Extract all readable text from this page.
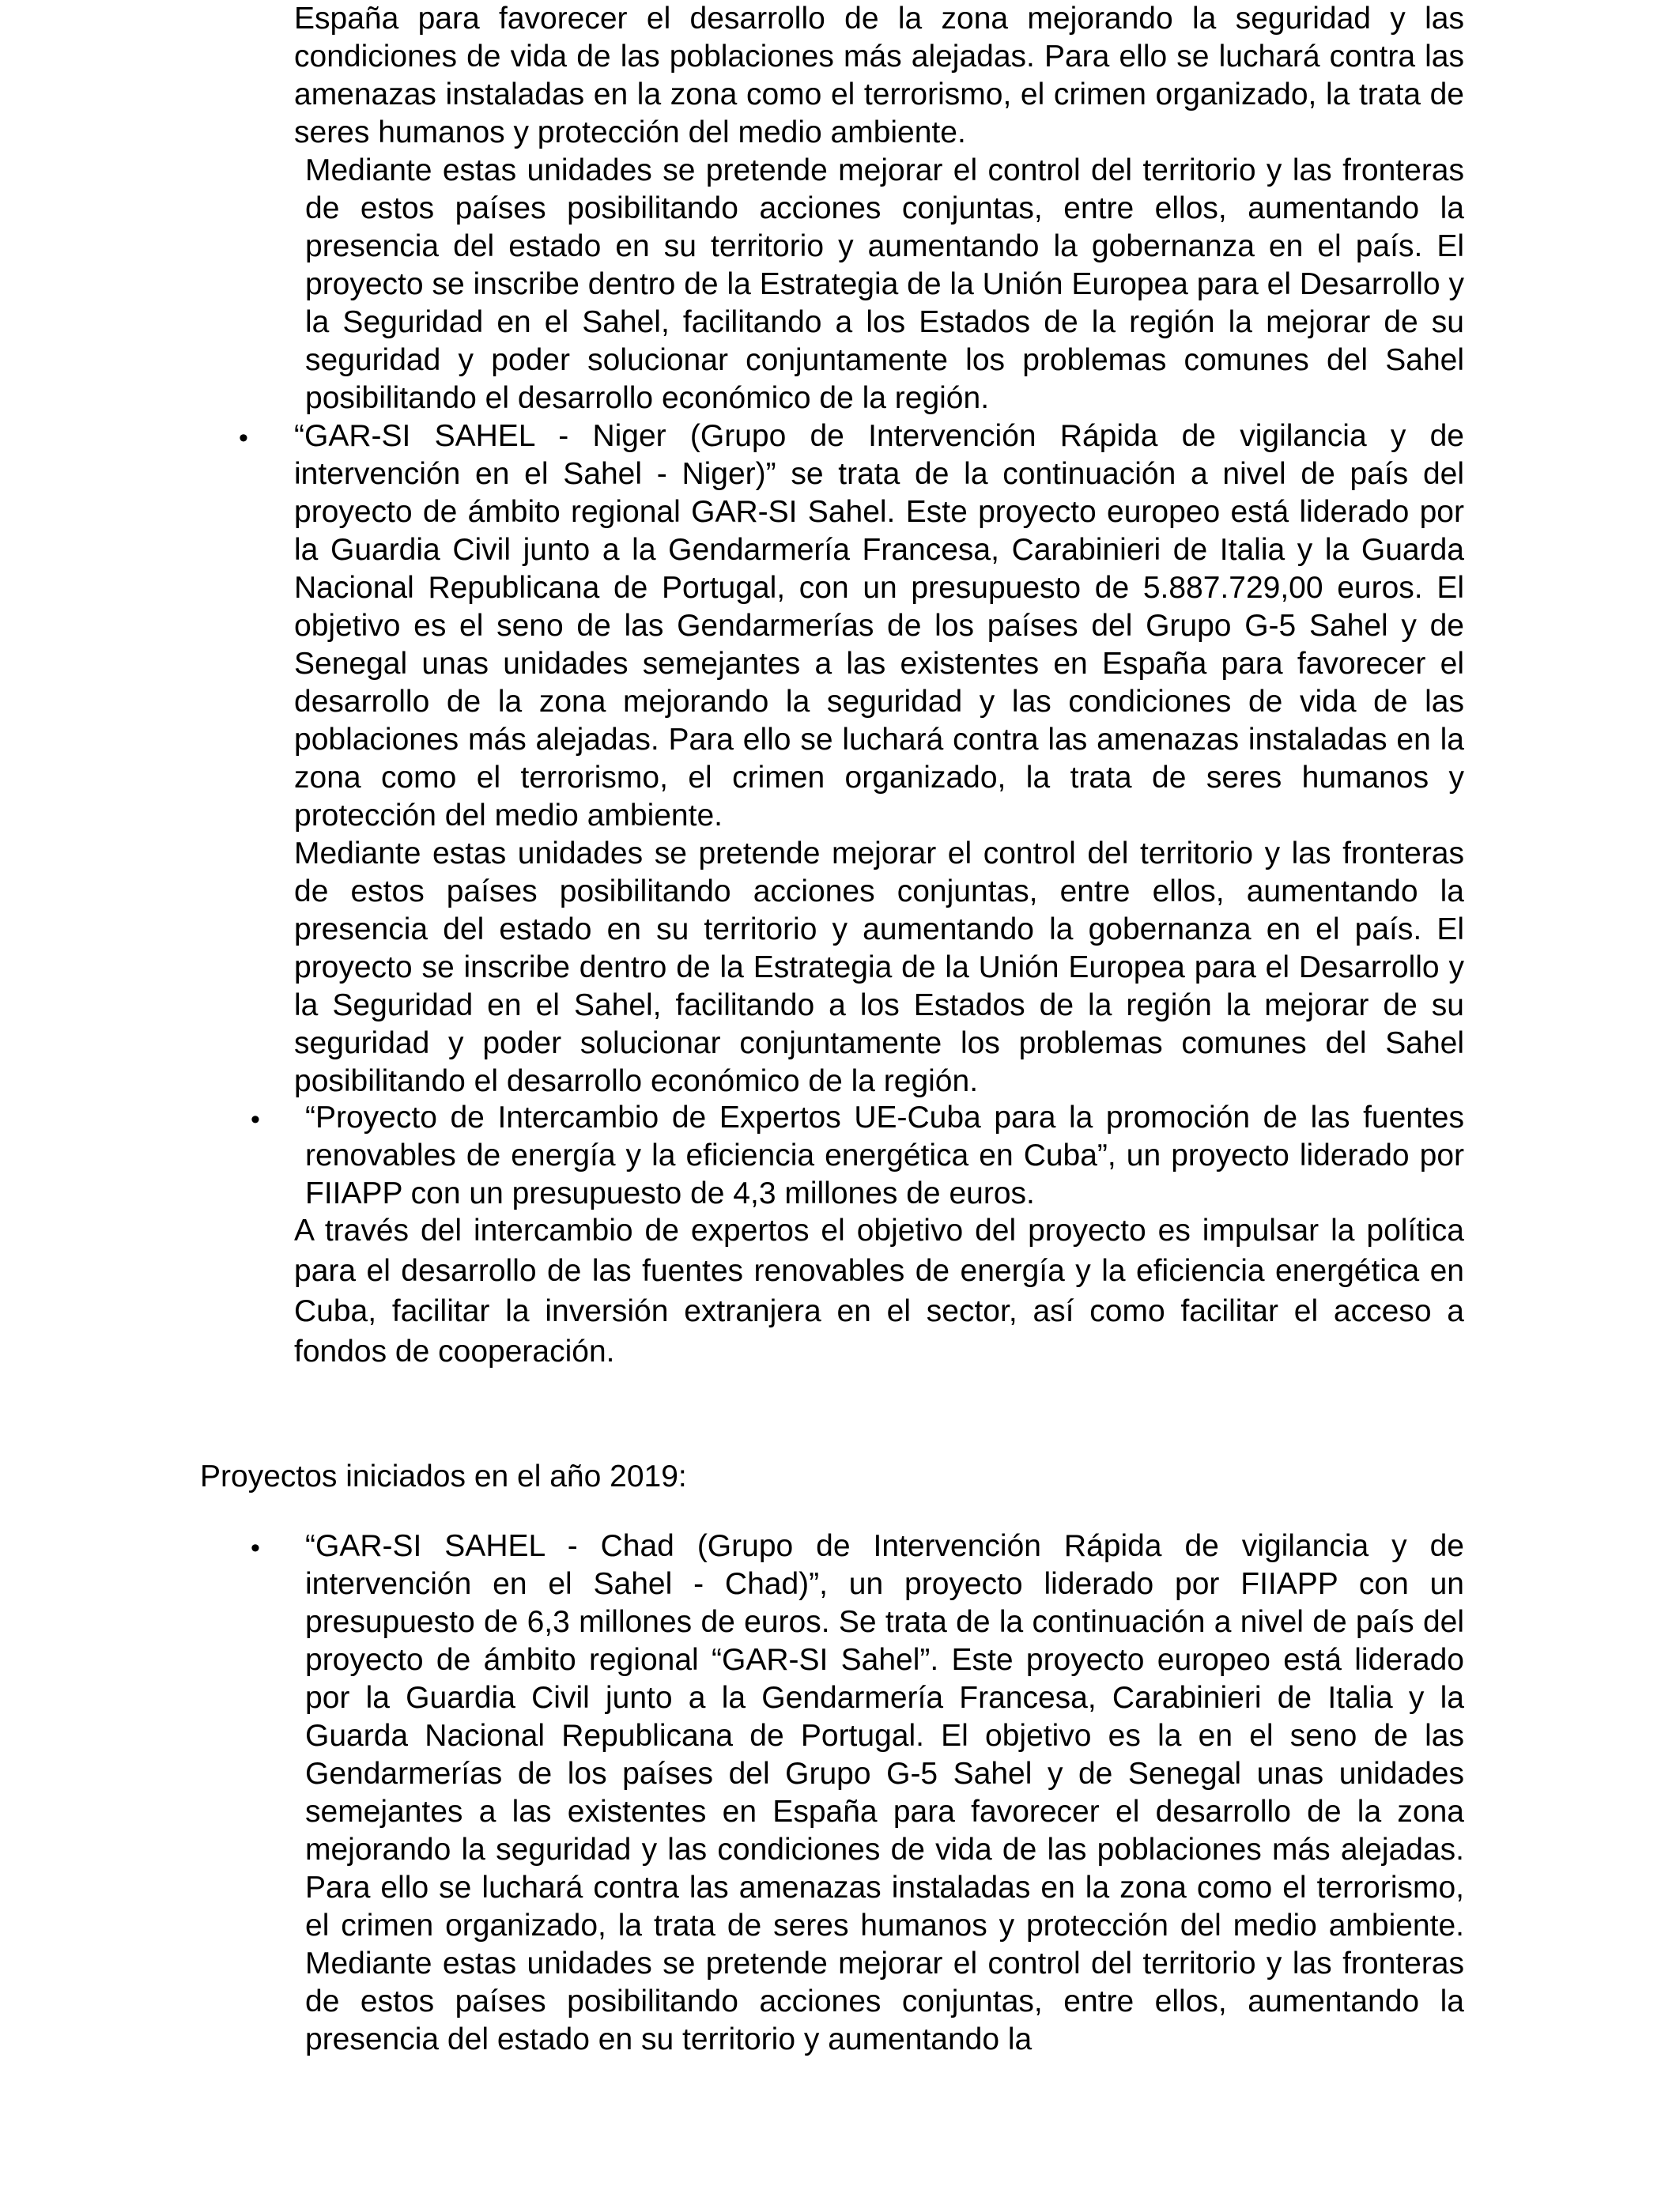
España para favorecer el desarrollo de la zona mejorando la seguridad y las condiciones de vida de las poblaciones más alejadas. Para ello se luchará contra las amenazas instaladas en la zona como el terrorismo, el crimen organizado, la trata de seres humanos y protección del medio ambiente.

Mediante estas unidades se pretende mejorar el control del territorio y las fronteras de estos países posibilitando acciones conjuntas, entre ellos, aumentando la presencia del estado en su territorio y aumentando la gobernanza en el país. El proyecto se inscribe dentro de la Estrategia de la Unión Europea para el Desarrollo y la Seguridad en el Sahel, facilitando a los Estados de la región la mejorar de su seguridad y poder solucionar conjuntamente los problemas comunes del Sahel posibilitando el desarrollo económico de la región.

• “GAR-SI SAHEL - Niger (Grupo de Intervención Rápida de vigilancia y de intervención en el Sahel - Niger)” se trata de la continuación a nivel de país del proyecto de ámbito regional GAR-SI Sahel. Este proyecto europeo está liderado por la Guardia Civil junto a la Gendarmería Francesa, Carabinieri de Italia y la Guarda Nacional Republicana de Portugal, con un presupuesto de 5.887.729,00 euros. El objetivo es el seno de las Gendarmerías de los países del Grupo G-5 Sahel y de Senegal unas unidades semejantes a las existentes en España para favorecer el desarrollo de la zona mejorando la seguridad y las condiciones de vida de las poblaciones más alejadas. Para ello se luchará contra las amenazas instaladas en la zona como el terrorismo, el crimen organizado, la trata de seres humanos y protección del medio ambiente.

Mediante estas unidades se pretende mejorar el control del territorio y las fronteras de estos países posibilitando acciones conjuntas, entre ellos, aumentando la presencia del estado en su territorio y aumentando la gobernanza en el país. El proyecto se inscribe dentro de la Estrategia de la Unión Europea para el Desarrollo y la Seguridad en el Sahel, facilitando a los Estados de la región la mejorar de su seguridad y poder solucionar conjuntamente los problemas comunes del Sahel posibilitando el desarrollo económico de la región.

• “Proyecto de Intercambio de Expertos UE-Cuba para la promoción de las fuentes renovables de energía y la eficiencia energética en Cuba”, un proyecto liderado por FIIAPP con un presupuesto de 4,3 millones de euros.

A través del intercambio de expertos el objetivo del proyecto es impulsar la política para el desarrollo de las fuentes renovables de energía y la eficiencia energética en Cuba, facilitar la inversión extranjera en el sector, así como facilitar el acceso a fondos de cooperación.

Proyectos iniciados en el año 2019:

• “GAR-SI SAHEL - Chad (Grupo de Intervención Rápida de vigilancia y de intervención en el Sahel - Chad)”, un proyecto liderado por FIIAPP con un presupuesto de 6,3 millones de euros. Se trata de la continuación a nivel de país del proyecto de ámbito regional “GAR-SI Sahel”. Este proyecto europeo está liderado por la Guardia Civil junto a la Gendarmería Francesa, Carabinieri de Italia y la Guarda Nacional Republicana de Portugal. El objetivo es la en el seno de las Gendarmerías de los países del Grupo G-5 Sahel y de Senegal unas unidades semejantes a las existentes en España para favorecer el desarrollo de la zona mejorando la seguridad y las condiciones de vida de las poblaciones más alejadas. Para ello se luchará contra las amenazas instaladas en la zona como el terrorismo, el crimen organizado, la trata de seres humanos y protección del medio ambiente. Mediante estas unidades se pretende mejorar el control del territorio y las fronteras de estos países posibilitando acciones conjuntas, entre ellos, aumentando la presencia del estado en su territorio y aumentando la
